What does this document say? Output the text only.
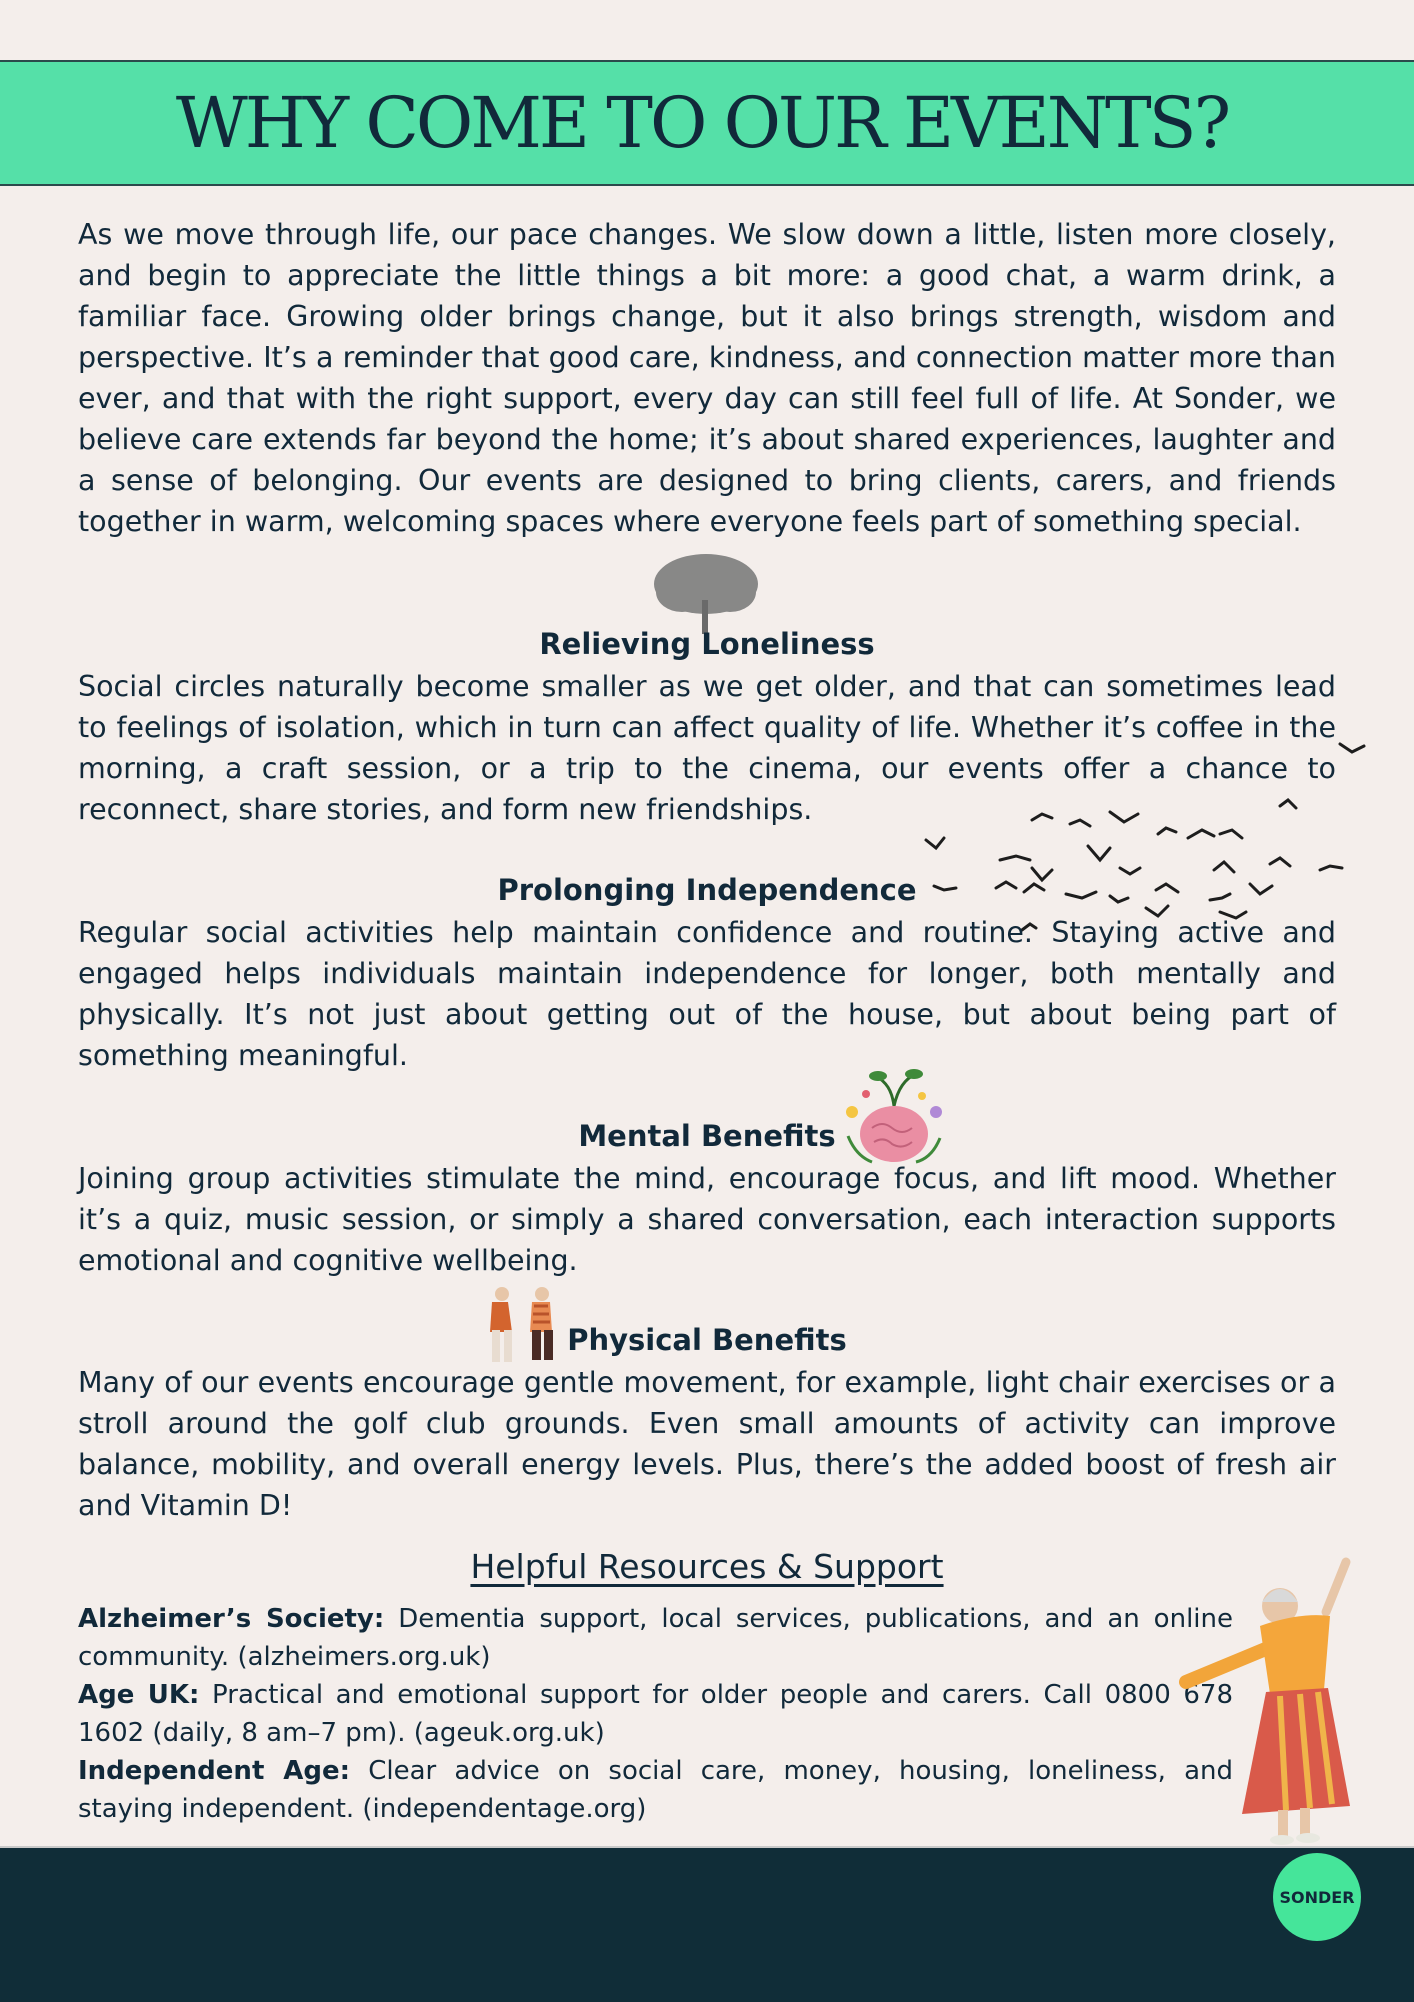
WHY COME TO OUR EVENTS?

As we move through life, our pace changes. We slow down a little, listen more closely, and begin to appreciate the little things a bit more: a good chat, a warm drink, a familiar face. Growing older brings change, but it also brings strength, wisdom and perspective. It’s a reminder that good care, kindness, and connection matter more than ever, and that with the right support, every day can still feel full of life. At Sonder, we believe care extends far beyond the home; it’s about shared experiences, laughter and a sense of belonging. Our events are designed to bring clients, carers, and friends together in warm, welcoming spaces where everyone feels part of something special.

Relieving Loneliness

Social circles naturally become smaller as we get older, and that can sometimes lead to feelings of isolation, which in turn can affect quality of life. Whether it’s coffee in the morning, a craft session, or a trip to the cinema, our events offer a chance to reconnect, share stories, and form new friendships.

Prolonging Independence

Regular social activities help maintain confidence and routine. Staying active and engaged helps individuals maintain independence for longer, both mentally and physically. It’s not just about getting out of the house, but about being part of something meaningful.

Mental Benefits

Joining group activities stimulate the mind, encourage focus, and lift mood. Whether it’s a quiz, music session, or simply a shared conversation, each interaction supports emotional and cognitive wellbeing.

Physical Benefits

Many of our events encourage gentle movement, for example, light chair exercises or a stroll around the golf club grounds. Even small amounts of activity can improve balance, mobility, and overall energy levels. Plus, there’s the added boost of fresh air and Vitamin D!

Helpful Resources & Support

Alzheimer’s Society: Dementia support, local services, publications, and an online community. (alzheimers.org.uk)

Age UK: Practical and emotional support for older people and carers. Call 0800 678 1602 (daily, 8 am–7 pm). (ageuk.org.uk)

Independent Age: Clear advice on social care, money, housing, loneliness, and staying independent. (independentage.org)

SONDER
